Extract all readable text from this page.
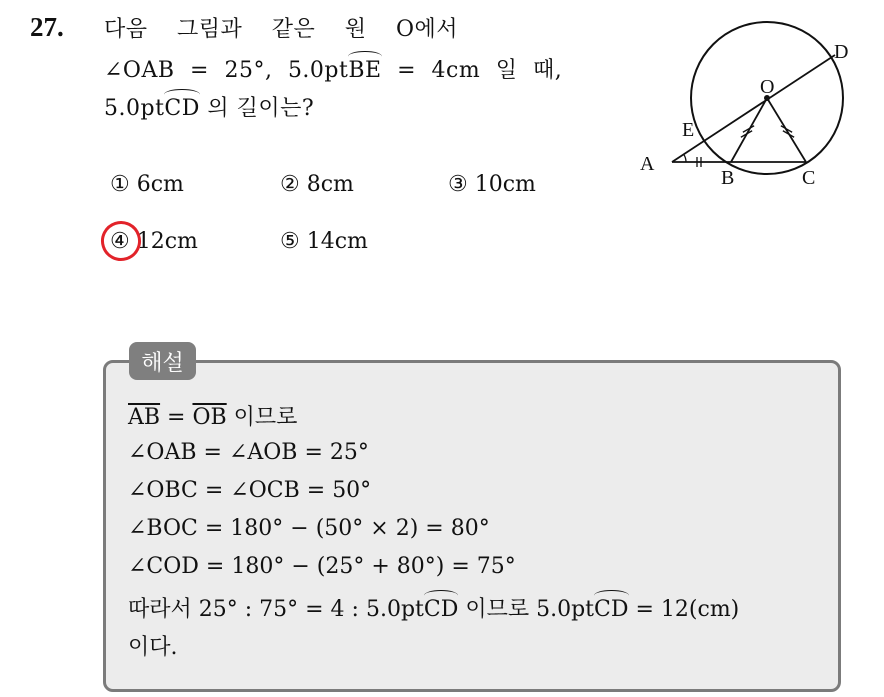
27. 다음 그림과 같은 원 O에서
∠OAB = 25°, 5.0ptBE = 4cm 일 때,
5.0ptCD 의 길이는?
① 6cm	② 8cm	③ 10cm
④ 12cm	⑤ 14cm
A
B	C
D
E
O
해설
$\overline{AB} = \overline{OB}$ 이므로
∠OAB = ∠AOB = 25°
∠OBC = ∠OCB = 50°
∠BOC = 180° − (50° × 2) = 80°
∠COD = 180° − (25° + 80°) = 75°
따라서 25° : 75° = 4 : 5.0ptCD 이므로 5.0ptCD = 12(cm)
이다.
